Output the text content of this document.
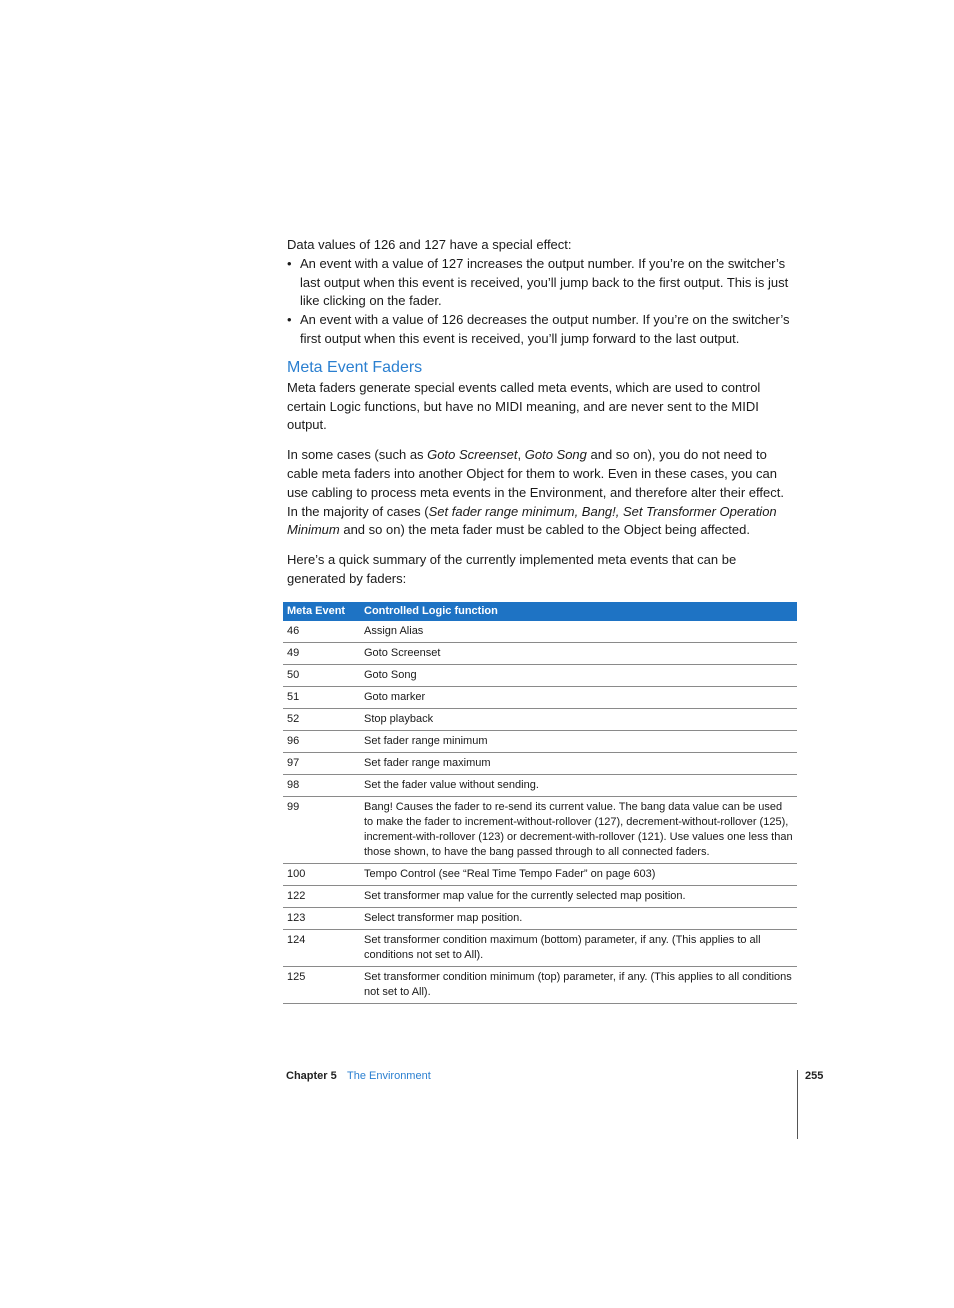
Data values of 126 and 127 have a special effect:

• An event with a value of 127 increases the output number. If you’re on the switcher’s last output when this event is received, you’ll jump back to the first output. This is just like clicking on the fader.
• An event with a value of 126 decreases the output number. If you’re on the switcher’s first output when this event is received, you’ll jump forward to the last output.
Meta Event Faders

Meta faders generate special events called meta events, which are used to control certain Logic functions, but have no MIDI meaning, and are never sent to the MIDI output.

In some cases (such as Goto Screenset, Goto Song and so on), you do not need to cable meta faders into another Object for them to work. Even in these cases, you can use cabling to process meta events in the Environment, and therefore alter their effect. In the majority of cases (Set fader range minimum, Bang!, Set Transformer Operation Minimum and so on) the meta fader must be cabled to the Object being affected.

Here’s a quick summary of the currently implemented meta events that can be generated by faders:

Meta Event	Controlled Logic function
46	Assign Alias
49	Goto Screenset
50	Goto Song
51	Goto marker
52	Stop playback
96	Set fader range minimum
97	Set fader range maximum
98	Set the fader value without sending.
99	Bang! Causes the fader to re-send its current value. The bang data value can be used to make the fader to increment-without-rollover (127), decrement-without-rollover (125), increment-with-rollover (123) or decrement-with-rollover (121). Use values one less than those shown, to have the bang passed through to all connected faders.
100	Tempo Control (see “Real Time Tempo Fader” on page 603)
122	Set transformer map value for the currently selected map position.
123	Select transformer map position.
124	Set transformer condition maximum (bottom) parameter, if any. (This applies to all conditions not set to All).
125	Set transformer condition minimum (top) parameter, if any. (This applies to all conditions not set to All).
Chapter 5 The Environment	255
